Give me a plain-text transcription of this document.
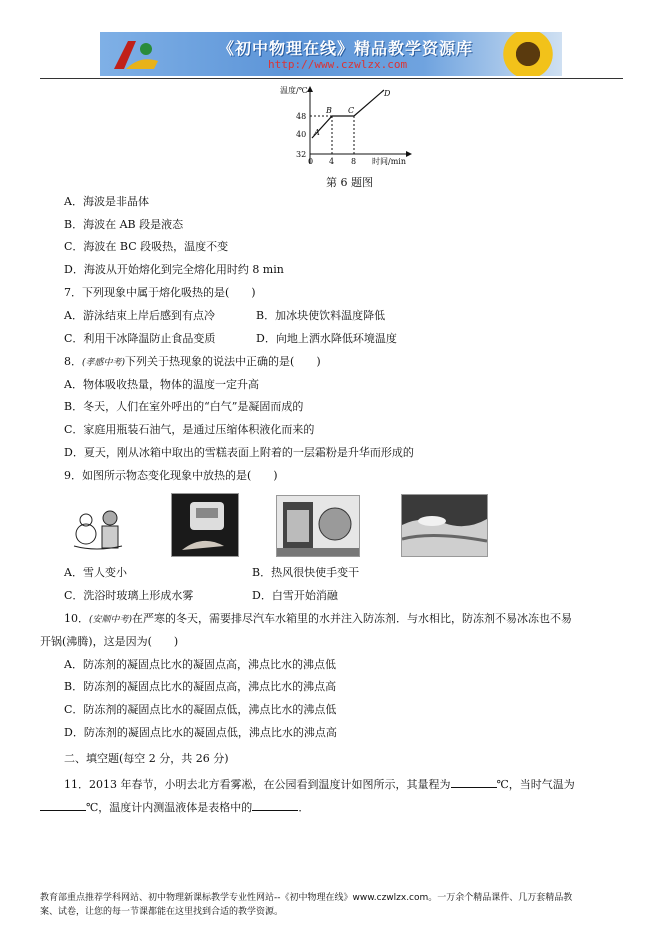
《初中物理在线》精品教学资源库
http://www.czwlzx.com
温度/℃
48
40
32
0 4 8 时间/min
A
B C
D
第 6 题图
A．海波是非晶体
B．海波在 AB 段是液态
C．海波在 BC 段吸热，温度不变
D．海波从开始熔化到完全熔化用时约 8 min
7．下列现象中属于熔化吸热的是(　　)
A．游泳结束上岸后感到有点冷	B．加冰块使饮料温度降低
C．利用干冰降温防止食品变质	D．向地上洒水降低环境温度
8．(孝感中考)下列关于热现象的说法中正确的是(　　)
A．物体吸收热量，物体的温度一定升高
B．冬天，人们在室外呼出的“白气”是凝固而成的
C．家庭用瓶装石油气，是通过压缩体积液化而来的
D．夏天，刚从冰箱中取出的雪糕表面上附着的一层霜粉是升华而形成的
9．如图所示物态变化现象中放热的是(　　)
A．雪人变小	B．热风很快使手变干
C．洗浴时玻璃上形成水雾	D．白雪开始消融
10．(安顺中考)在严寒的冬天，需要排尽汽车水箱里的水并注入防冻剂．与水相比，防冻剂不易冰冻也不易
开锅(沸腾)，这是因为(　　)
A．防冻剂的凝固点比水的凝固点高，沸点比水的沸点低
B．防冻剂的凝固点比水的凝固点高，沸点比水的沸点高
C．防冻剂的凝固点比水的凝固点低，沸点比水的沸点低
D．防冻剂的凝固点比水的凝固点低，沸点比水的沸点高
二、填空题(每空 2 分，共 26 分)
11．2013 年春节，小明去北方看雾凇，在公园看到温度计如图所示，其量程为	℃，当时气温为
℃，温度计内测温液体是表格中的	．
教育部重点推荐学科网站、初中物理新课标教学专业性网站--《初中物理在线》www.czwlzx.com。一万余个精品课件、几万套精品教
案、试卷，让您的每一节课都能在这里找到合适的教学资源。
